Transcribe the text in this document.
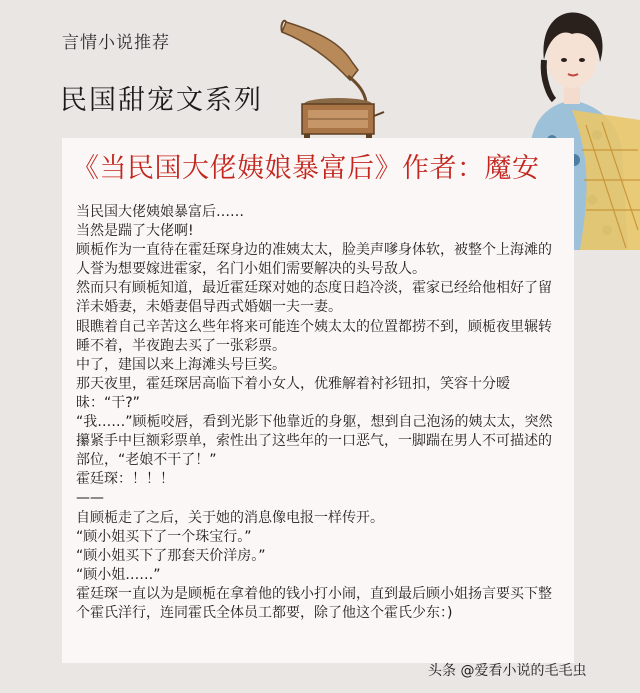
言情小说推荐
民国甜宠文系列
《当民国大佬姨娘暴富后》作者：魔安

当民国大佬姨娘暴富后……

当然是踹了大佬啊!

顾栀作为一直待在霍廷琛身边的准姨太太，脸美声嗲身体软，被整个上海滩的人誉为想要嫁进霍家，名门小姐们需要解决的头号敌人。

然而只有顾栀知道，最近霍廷琛对她的态度日趋冷淡，霍家已经给他相好了留洋未婚妻，未婚妻倡导西式婚姻一夫一妻。

眼瞧着自己辛苦这么些年将来可能连个姨太太的位置都捞不到，顾栀夜里辗转睡不着，半夜跑去买了一张彩票。

中了，建国以来上海滩头号巨奖。

那天夜里，霍廷琛居高临下着小女人，优雅解着衬衫钮扣，笑容十分暧昧：“干?”

“我……”顾栀咬唇，看到光影下他靠近的身躯，想到自己泡汤的姨太太，突然攥紧手中巨额彩票单，索性出了这些年的一口恶气，一脚踹在男人不可描述的部位，“老娘不干了！”

霍廷琛：！！！

——

自顾栀走了之后，关于她的消息像电报一样传开。

“顾小姐买下了一个珠宝行。”

“顾小姐买下了那套天价洋房。”

“顾小姐……”

霍廷琛一直以为是顾栀在拿着他的钱小打小闹，直到最后顾小姐扬言要买下整个霍氏洋行，连同霍氏全体员工都要，除了他这个霍氏少东：)

头条 @爱看小说的毛毛虫
